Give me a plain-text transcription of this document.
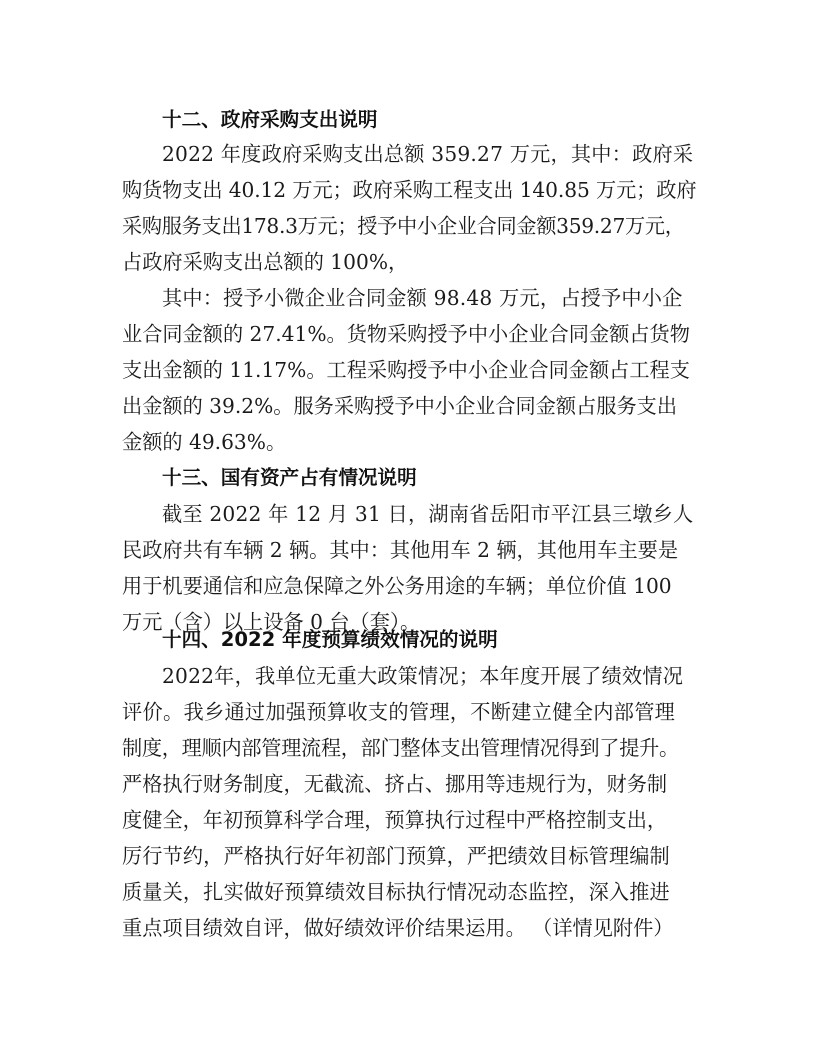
十二、政府采购支出说明
2022 年度政府采购支出总额 359.27 万元，其中：政府采
购货物支出 40.12 万元；政府采购工程支出 140.85 万元；政府
采购服务支出178.3万元；授予中小企业合同金额359.27万元，
占政府采购支出总额的 100%，
其中：授予小微企业合同金额 98.48 万元，占授予中小企
业合同金额的 27.41%。货物采购授予中小企业合同金额占货物
支出金额的 11.17%。工程采购授予中小企业合同金额占工程支
出金额的 39.2%。服务采购授予中小企业合同金额占服务支出
金额的 49.63%。
十三、国有资产占有情况说明
截至 2022 年 12 月 31 日，湖南省岳阳市平江县三墩乡人
民政府共有车辆 2 辆。其中：其他用车 2 辆，其他用车主要是
用于机要通信和应急保障之外公务用途的车辆；单位价值 100
万元（含）以上设备 0 台（套）。
十四、2022 年度预算绩效情况的说明
2022年，我单位无重大政策情况；本年度开展了绩效情况
评价。我乡通过加强预算收支的管理，不断建立健全内部管理
制度，理顺内部管理流程，部门整体支出管理情况得到了提升。
严格执行财务制度，无截流、挤占、挪用等违规行为，财务制
度健全，年初预算科学合理，预算执行过程中严格控制支出，
厉行节约，严格执行好年初部门预算，严把绩效目标管理编制
质量关，扎实做好预算绩效目标执行情况动态监控，深入推进
重点项目绩效自评，做好绩效评价结果运用。 （详情见附件）
